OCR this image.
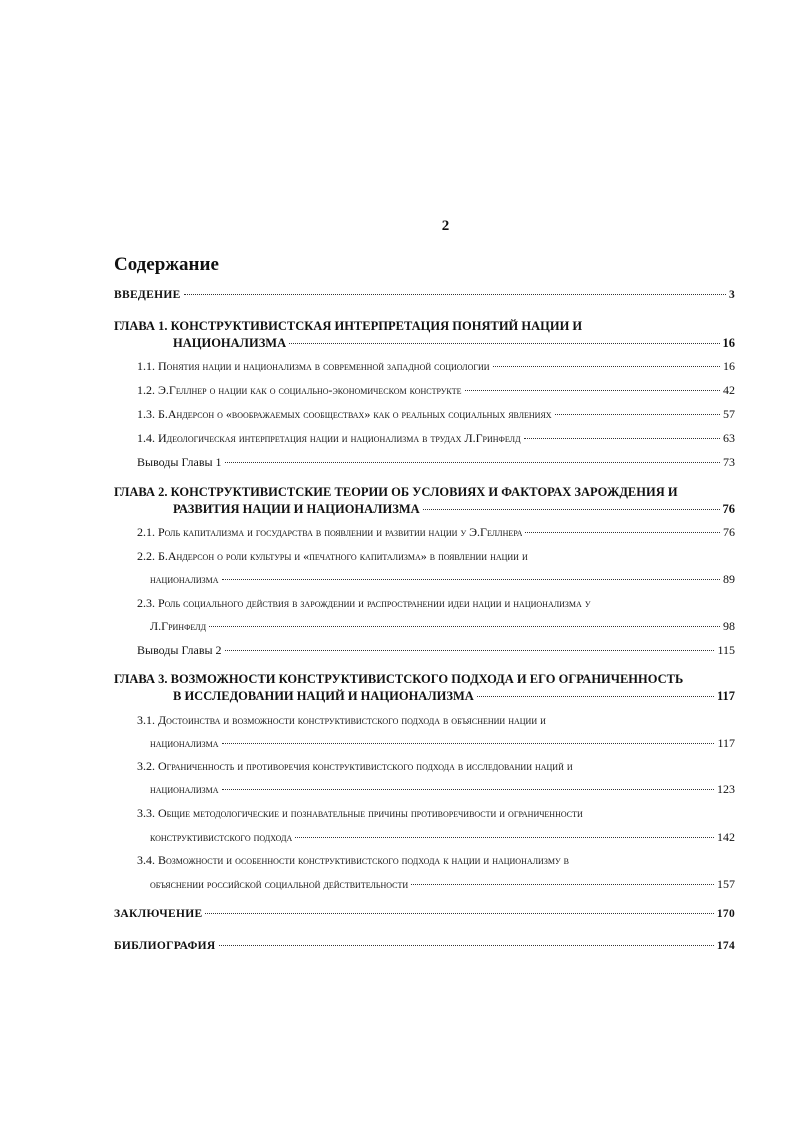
2
Содержание
ВВЕДЕНИЕ	3
ГЛАВА 1. КОНСТРУКТИВИСТСКАЯ ИНТЕРПРЕТАЦИЯ ПОНЯТИЙ НАЦИИ И
НАЦИОНАЛИЗМА	16
1.1. Понятия нации и национализма в современной западной социологии	16
1.2. Э.Геллнер о нации как о социально-экономическом конструкте	42
1.3. Б.Андерсон о «воображаемых сообществах» как о реальных социальных явлениях	57
1.4. Идеологическая интерпретация нации и национализма в трудах Л.Гринфелд	63
Выводы Главы 1	73
ГЛАВА 2. КОНСТРУКТИВИСТСКИЕ ТЕОРИИ ОБ УСЛОВИЯХ И ФАКТОРАХ ЗАРОЖДЕНИЯ И
РАЗВИТИЯ НАЦИИ И НАЦИОНАЛИЗМА	76
2.1. Роль капитализма и государства в появлении и развитии нации у Э.Геллнера	76
2.2. Б.Андерсон о роли культуры и «печатного капитализма» в появлении нации и
национализма	89
2.3. Роль социального действия в зарождении и распространении идеи нации и национализма у
Л.Гринфелд	98
Выводы Главы 2	115
ГЛАВА 3. ВОЗМОЖНОСТИ КОНСТРУКТИВИСТСКОГО ПОДХОДА И ЕГО ОГРАНИЧЕННОСТЬ
В ИССЛЕДОВАНИИ НАЦИЙ И НАЦИОНАЛИЗМА	117
3.1. Достоинства и возможности конструктивистского подхода в объяснении нации и
национализма	117
3.2. Ограниченность и противоречия конструктивистского подхода в исследовании наций и
национализма	123
3.3. Общие методологические и познавательные причины противоречивости и ограниченности
конструктивистского подхода	142
3.4. Возможности и особенности конструктивистского подхода к нации и национализму в
объяснении российской социальной действительности	157
ЗАКЛЮЧЕНИЕ	170
БИБЛИОГРАФИЯ	174
